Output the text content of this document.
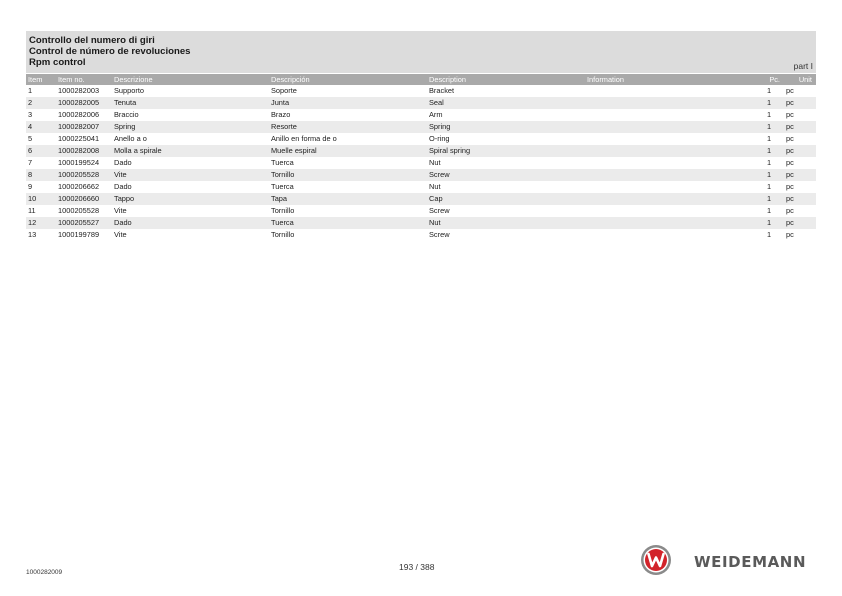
Controllo del numero di giri
Control de número de revoluciones
Rpm control	part I
Item	Item no.	Descrizione	Descripción	Description	Information	Pc.	Unit
1	1000282003	Supporto	Soporte	Bracket		1	pc
2	1000282005	Tenuta	Junta	Seal		1	pc
3	1000282006	Braccio	Brazo	Arm		1	pc
4	1000282007	Spring	Resorte	Spring		1	pc
5	1000225041	Anello a o	Anillo en forma de o	O-ring		1	pc
6	1000282008	Molla a spirale	Muelle espiral	Spiral spring		1	pc
7	1000199524	Dado	Tuerca	Nut		1	pc
8	1000205528	Vite	Tornillo	Screw		1	pc
9	1000206662	Dado	Tuerca	Nut		1	pc
10	1000206660	Tappo	Tapa	Cap		1	pc
11	1000205528	Vite	Tornillo	Screw		1	pc
12	1000205527	Dado	Tuerca	Nut		1	pc
13	1000199789	Vite	Tornillo	Screw		1	pc
1000282009
193 / 388	WEIDEMANN
